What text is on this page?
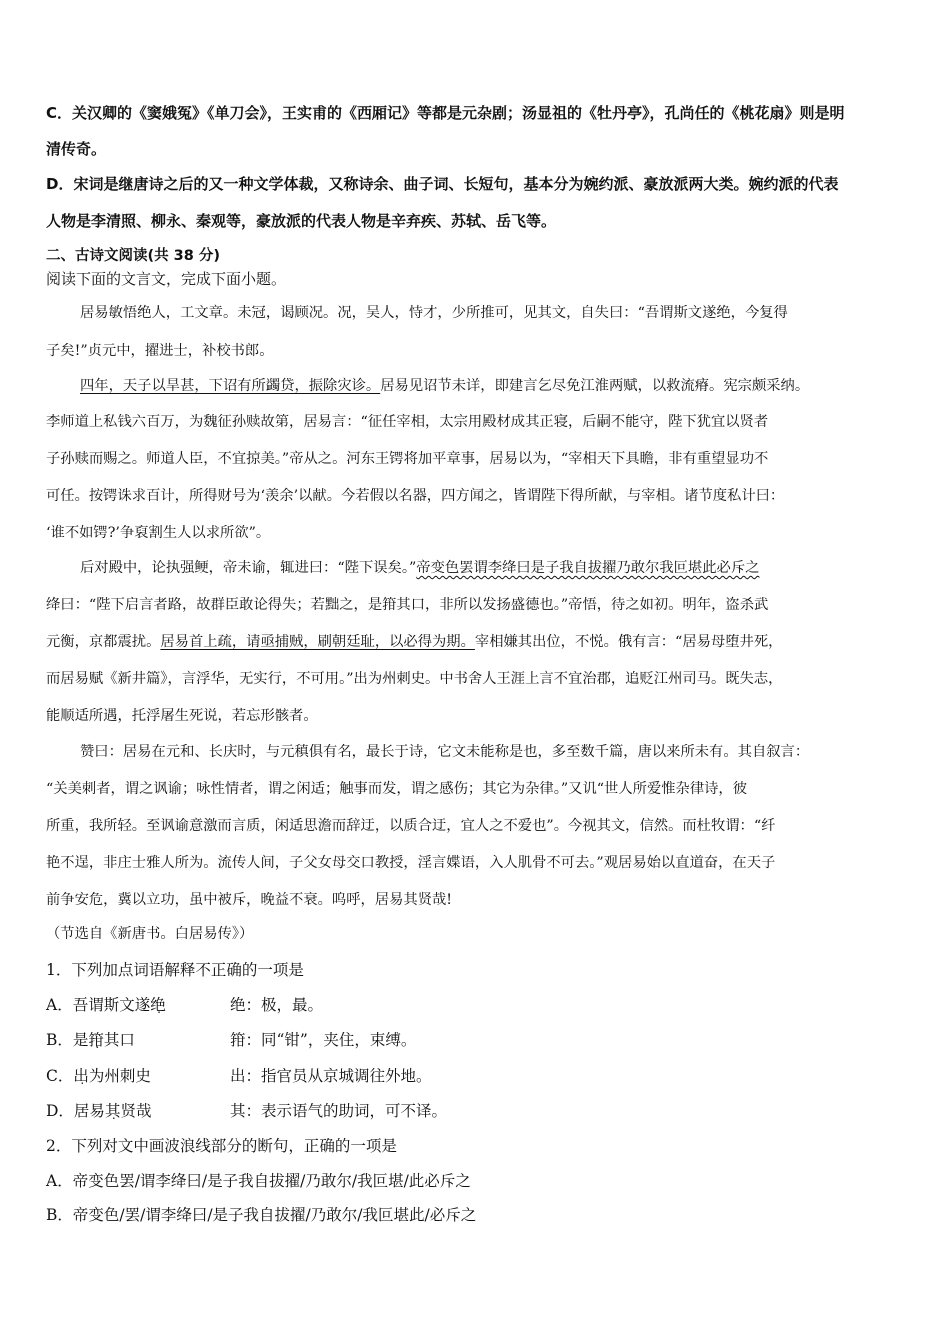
C．关汉卿的《窦娥冤》《单刀会》，王实甫的《西厢记》等都是元杂剧；汤显祖的《牡丹亭》，孔尚任的《桃花扇》则是明
清传奇。
D．宋词是继唐诗之后的又一种文学体裁，又称诗余、曲子词、长短句，基本分为婉约派、豪放派两大类。婉约派的代表
人物是李清照、柳永、秦观等，豪放派的代表人物是辛弃疾、苏轼、岳飞等。
二、古诗文阅读(共 38 分)
阅读下面的文言文，完成下面小题。
居易敏悟绝人，工文章。未冠，谒顾况。况，吴人，恃才，少所推可，见其文，自失曰：“吾谓斯文遂绝，今复得
子矣!”贞元中，擢进士，补校书郎。
四年，天子以旱甚，下诏有所蠲贷，振除灾诊。居易见诏节未详，即建言乞尽免江淮两赋，以救流瘠。宪宗颇采纳。
李师道上私钱六百万，为魏征孙赎故第，居易言：“征任宰相，太宗用殿材成其正寝，后嗣不能守，陛下犹宜以贤者
子孙赎而赐之。师道人臣，不宜掠美。”帝从之。河东王锷将加平章事，居易以为，“宰相天下具瞻，非有重望显功不
可任。按锷诛求百计，所得财号为‘羡余’以献。今若假以名器，四方闻之，皆谓陛下得所献，与宰相。诸节度私计曰：
‘谁不如锷?’争裒割生人以求所欲”。
后对殿中，论执强鲠，帝未谕，辄进曰：“陛下误矣。”帝变色罢谓李绛曰是子我自拔擢乃敢尔我叵堪此必斥之
绛曰：“陛下启言者路，故群臣敢论得失；若黜之，是箝其口，非所以发扬盛德也。”帝悟，待之如初。明年，盗杀武
元衡，京都震扰。居易首上疏，请亟捕贼，刷朝廷耻，以必得为期。宰相嫌其出位，不悦。俄有言：“居易母堕井死，
而居易赋《新井篇》，言浮华，无实行，不可用。”出为州刺史。中书舍人王涯上言不宜治郡，追贬江州司马。既失志，
能顺适所遇，托浮屠生死说，若忘形骸者。
赞曰：居易在元和、长庆时，与元稹俱有名，最长于诗，它文未能称是也，多至数千篇，唐以来所未有。其自叙言：
“关美刺者，谓之讽谕；咏性情者，谓之闲适；触事而发，谓之感伤；其它为杂律。”又讥“世人所爱惟杂律诗，彼
所重，我所轻。至讽谕意激而言质，闲适思澹而辞迂，以质合迂，宜人之不爱也”。今视其文，信然。而杜牧谓：“纤
艳不逞，非庄士雅人所为。流传人间，子父女母交口教授，淫言媟语，入人肌骨不可去。”观居易始以直道奋，在天子
前争安危，冀以立功，虽中被斥，晚益不衰。呜呼，居易其贤哉!
（节选自《新唐书。白居易传》）
1．下列加点词语解释不正确的一项是
A．吾谓斯文遂绝 .	绝：极，最。
B．是箝 .其口	箝：同“钳”，夹住，束缚。
C．出 .为州刺史	出：指官员从京城调往外地。
D．居易其 .贤哉	其：表示语气的助词，可不译。
2．下列对文中画波浪线部分的断句，正确的一项是
A．帝变色罢/谓李绛曰/是子我自拔擢/乃敢尔/我叵堪/此必斥之
B．帝变色/罢/谓李绛曰/是子我自拔擢/乃敢尔/我叵堪此/必斥之
